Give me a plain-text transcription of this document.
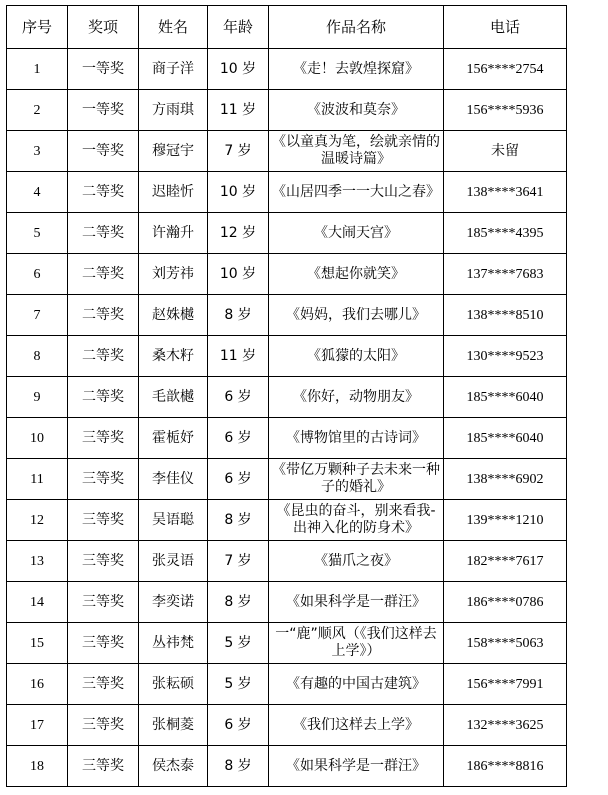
序号	奖项	姓名	年龄	作品名称	电话
1	一等奖	商子洋	10 岁	《走！去敦煌探窟》	156****2754
2	一等奖	方雨琪	11 岁	《波波和莫奈》	156****5936
3	一等奖	穆冠宇	7 岁	《以童真为笔，绘就亲情的温暖诗篇》	未留
4	二等奖	迟睦忻	10 岁	《山居四季一一大山之春》	138****3641
5	二等奖	许瀚升	12 岁	《大闹天宫》	185****4395
6	二等奖	刘芳祎	10 岁	《想起你就笑》	137****7683
7	二等奖	赵姝樾	8 岁	《妈妈，我们去哪儿》	138****8510
8	二等奖	桑木籽	11 岁	《狐獴的太阳》	130****9523
9	二等奖	毛歆樾	6 岁	《你好，动物朋友》	185****6040
10	三等奖	霍栀妤	6 岁	《博物馆里的古诗词》	185****6040
11	三等奖	李佳仪	6 岁	《带亿万颗种子去未来一种子的婚礼》	138****6902
12	三等奖	吴语聪	8 岁	《昆虫的奋斗，别来看我-出神入化的防身术》	139****1210
13	三等奖	张灵语	7 岁	《猫爪之夜》	182****7617
14	三等奖	李奕诺	8 岁	《如果科学是一群汪》	186****0786
15	三等奖	丛祎梵	5 岁	一“鹿”顺风（《我们这样去上学》）	158****5063
16	三等奖	张耘硕	5 岁	《有趣的中国古建筑》	156****7991
17	三等奖	张桐菱	6 岁	《我们这样去上学》	132****3625
18	三等奖	侯杰泰	8 岁	《如果科学是一群汪》	186****8816
